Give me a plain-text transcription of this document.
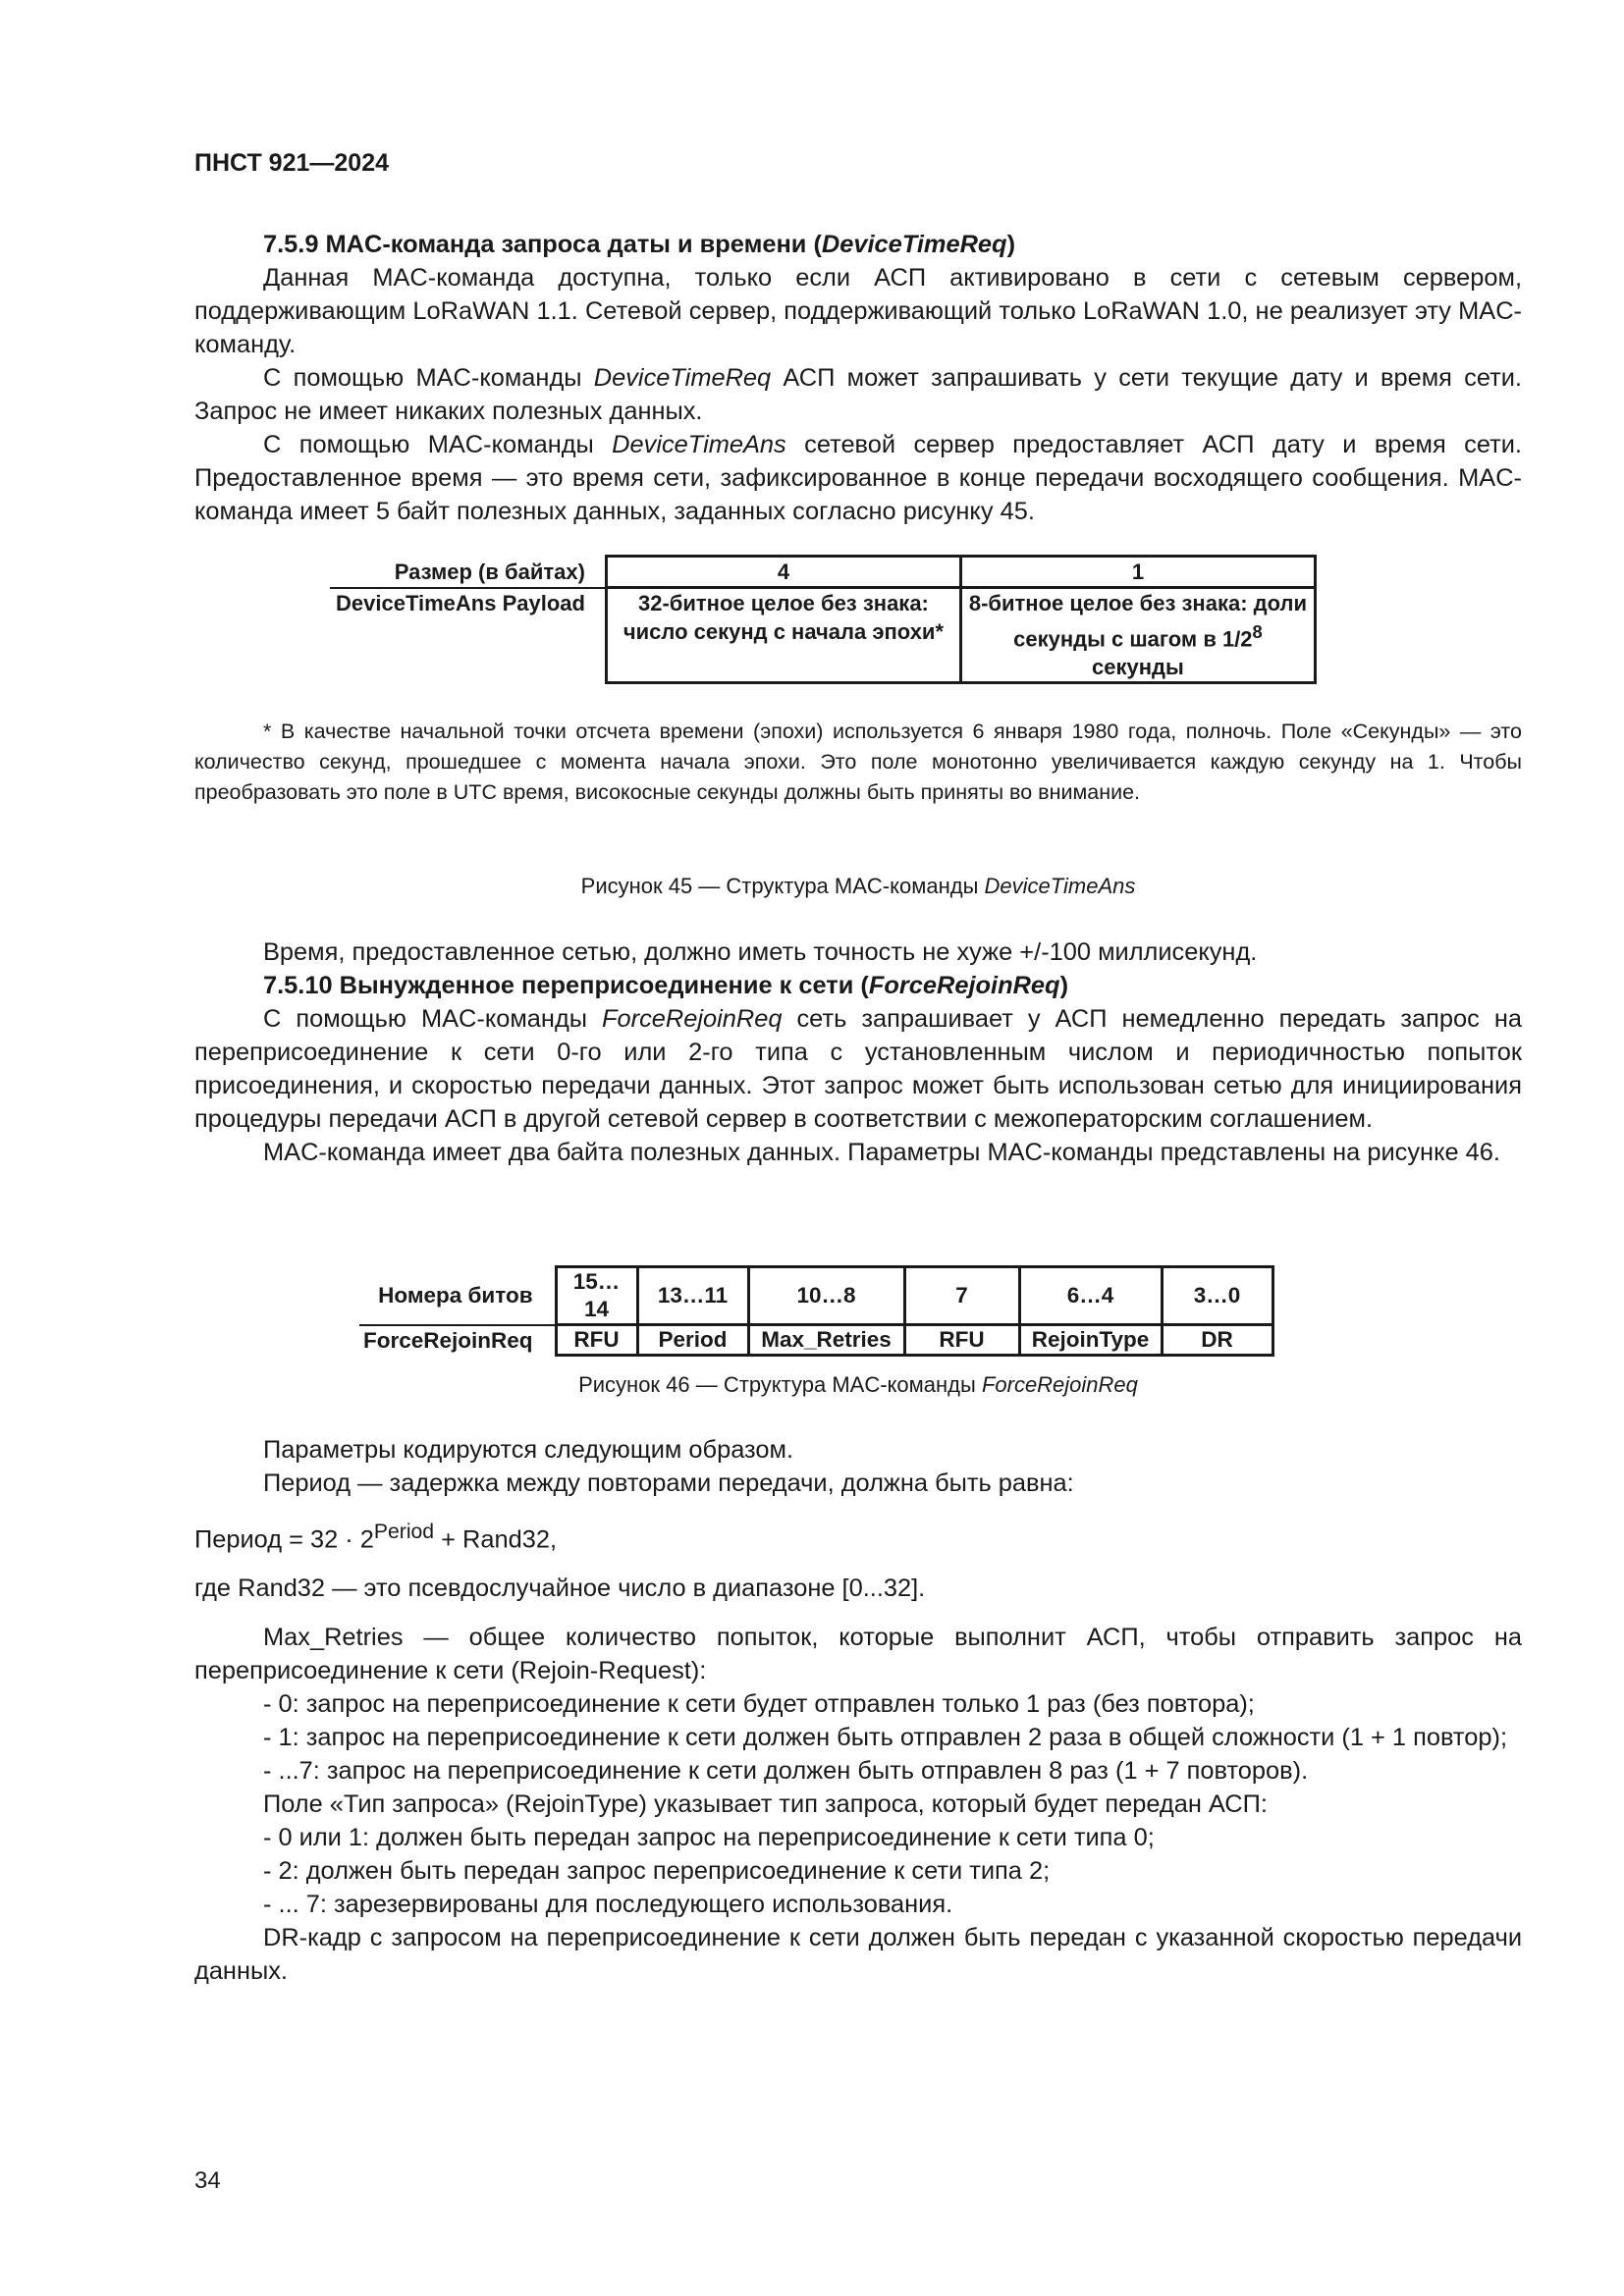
ПНСТ 921—2024
7.5.9 MAC-команда запроса даты и времени (DeviceTimeReq)

Данная MAC-команда доступна, только если АСП активировано в сети с сетевым сервером, поддерживающим LoRaWAN 1.1. Сетевой сервер, поддерживающий только LoRaWAN 1.0, не реализует эту MAC-команду.

С помощью MAC-команды DeviceTimeReq АСП может запрашивать у сети текущие дату и время сети. Запрос не имеет никаких полезных данных.

С помощью MAC-команды DeviceTimeAns сетевой сервер предоставляет АСП дату и время сети. Предоставленное время — это время сети, зафиксированное в конце передачи восходящего сообщения. MAC-команда имеет 5 байт полезных данных, заданных согласно рисунку 45.

Размер (в байтах)	4	1
DeviceTimeAns Payload	32-битное целое без знака: число секунд с начала эпохи*	8-битное целое без знака: доли секунды с шагом в $1/2^8$
секунды

* В качестве начальной точки отсчета времени (эпохи) используется 6 января 1980 года, полночь. Поле «Секунды» — это количество секунд, прошедшее с момента начала эпохи. Это поле монотонно увеличивается каждую секунду на 1. Чтобы преобразовать это поле в UTC время, високосные секунды должны быть приняты во внимание.

Рисунок 45 — Структура MAC-команды DeviceTimeAns

Время, предоставленное сетью, должно иметь точность не хуже +/-100 миллисекунд.

7.5.10 Вынужденное переприсоединение к сети (ForceRejoinReq)

С помощью MAC-команды ForceRejoinReq сеть запрашивает у АСП немедленно передать запрос на переприсоединение к сети 0-го или 2-го типа с установленным числом и периодичностью попыток присоединения, и скоростью передачи данных. Этот запрос может быть использован сетью для инициирования процедуры передачи АСП в другой сетевой сервер в соответствии с межоператорским соглашением.

MAC-команда имеет два байта полезных данных. Параметры MAC-команды представлены на рисунке 46.

Номера битов	15…14	13…11	10…8	7	6…4	3…0
ForceRejoinReq	RFU	Period	Max_Retries	RFU	RejoinType	DR
Рисунок 46 — Структура MAC-команды ForceRejoinReq

Параметры кодируются следующим образом.

Период — задержка между повторами передачи, должна быть равна:

Период = $32 \cdot 2^{Period}$ + Rand32,

где Rand32 — это псевдослучайное число в диапазоне [0...32].

Max_Retries — общее количество попыток, которые выполнит АСП, чтобы отправить запрос на переприсоединение к сети (Rejoin-Request):

- 0: запрос на переприсоединение к сети будет отправлен только 1 раз (без повтора);

- 1: запрос на переприсоединение к сети должен быть отправлен 2 раза в общей сложности (1 + 1 повтор);

- ...7: запрос на переприсоединение к сети должен быть отправлен 8 раз (1 + 7 повторов).

Поле «Тип запроса» (RejoinType) указывает тип запроса, который будет передан АСП:

- 0 или 1: должен быть передан запрос на переприсоединение к сети типа 0;

- 2: должен быть передан запрос переприсоединение к сети типа 2;

- ... 7: зарезервированы для последующего использования.

DR-кадр с запросом на переприсоединение к сети должен быть передан с указанной скоростью передачи данных.

34
